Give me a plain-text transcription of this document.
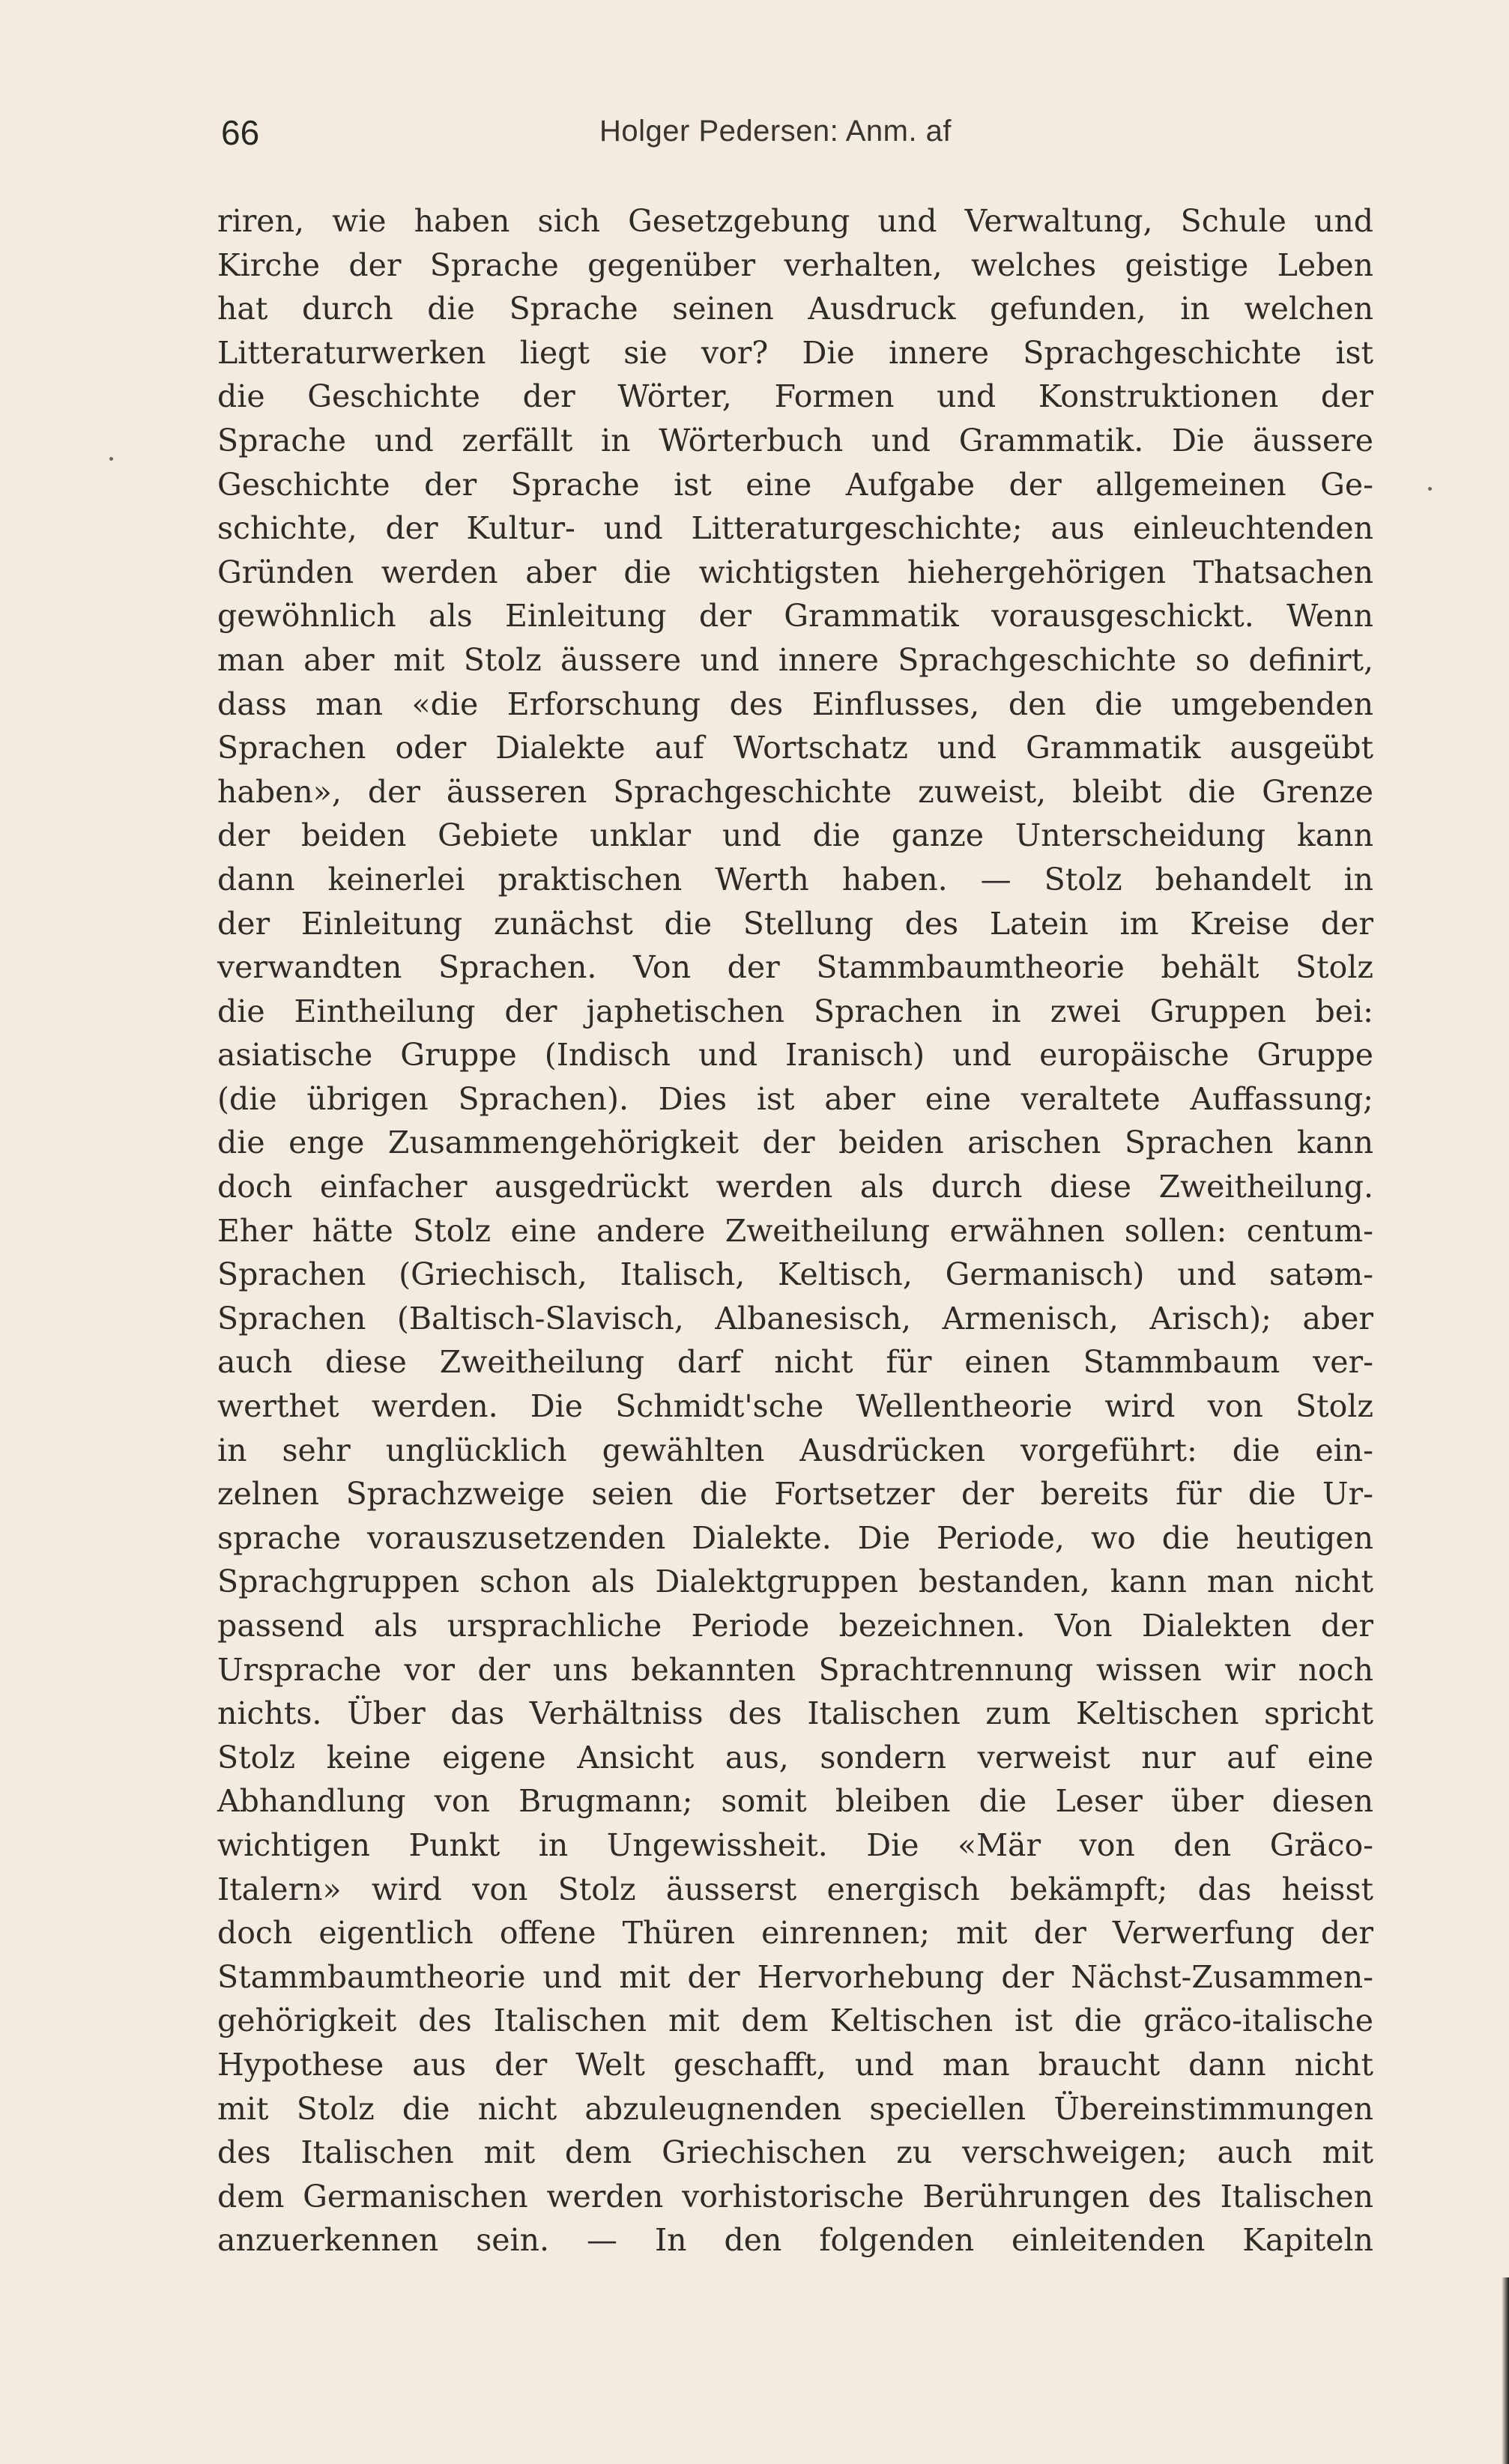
66	Holger Pedersen: Anm. af
riren, wie haben sich Gesetzgebung und Verwaltung, Schule und
Kirche der Sprache gegenüber verhalten, welches geistige Leben
hat durch die Sprache seinen Ausdruck gefunden, in welchen
Litteraturwerken liegt sie vor? Die innere Sprachgeschichte ist
die Geschichte der Wörter, Formen und Konstruktionen der
Sprache und zerfällt in Wörterbuch und Grammatik. Die äussere
Geschichte der Sprache ist eine Aufgabe der allgemeinen Ge-
schichte, der Kultur- und Litteraturgeschichte; aus einleuchtenden
Gründen werden aber die wichtigsten hiehergehörigen Thatsachen
gewöhnlich als Einleitung der Grammatik vorausgeschickt. Wenn
man aber mit Stolz äussere und innere Sprachgeschichte so definirt,
dass man «die Erforschung des Einflusses, den die umgebenden
Sprachen oder Dialekte auf Wortschatz und Grammatik ausgeübt
haben», der äusseren Sprachgeschichte zuweist, bleibt die Grenze
der beiden Gebiete unklar und die ganze Unterscheidung kann
dann keinerlei praktischen Werth haben. — Stolz behandelt in
der Einleitung zunächst die Stellung des Latein im Kreise der
verwandten Sprachen. Von der Stammbaumtheorie behält Stolz
die Eintheilung der japhetischen Sprachen in zwei Gruppen bei:
asiatische Gruppe (Indisch und Iranisch) und europäische Gruppe
(die übrigen Sprachen). Dies ist aber eine veraltete Auffassung;
die enge Zusammengehörigkeit der beiden arischen Sprachen kann
doch einfacher ausgedrückt werden als durch diese Zweitheilung.
Eher hätte Stolz eine andere Zweitheilung erwähnen sollen: centum-
Sprachen (Griechisch, Italisch, Keltisch, Germanisch) und satəm-
Sprachen (Baltisch-Slavisch, Albanesisch, Armenisch, Arisch); aber
auch diese Zweitheilung darf nicht für einen Stammbaum ver-
werthet werden. Die Schmidt'sche Wellentheorie wird von Stolz
in sehr unglücklich gewählten Ausdrücken vorgeführt: die ein-
zelnen Sprachzweige seien die Fortsetzer der bereits für die Ur-
sprache vorauszusetzenden Dialekte. Die Periode, wo die heutigen
Sprachgruppen schon als Dialektgruppen bestanden, kann man nicht
passend als ursprachliche Periode bezeichnen. Von Dialekten der
Ursprache vor der uns bekannten Sprachtrennung wissen wir noch
nichts. Über das Verhältniss des Italischen zum Keltischen spricht
Stolz keine eigene Ansicht aus, sondern verweist nur auf eine
Abhandlung von Brugmann; somit bleiben die Leser über diesen
wichtigen Punkt in Ungewissheit. Die «Mär von den Gräco-
Italern» wird von Stolz äusserst energisch bekämpft; das heisst
doch eigentlich offene Thüren einrennen; mit der Verwerfung der
Stammbaumtheorie und mit der Hervorhebung der Nächst-Zusammen-
gehörigkeit des Italischen mit dem Keltischen ist die gräco-italische
Hypothese aus der Welt geschafft, und man braucht dann nicht
mit Stolz die nicht abzuleugnenden speciellen Übereinstimmungen
des Italischen mit dem Griechischen zu verschweigen; auch mit
dem Germanischen werden vorhistorische Berührungen des Italischen
anzuerkennen sein. — In den folgenden einleitenden Kapiteln
